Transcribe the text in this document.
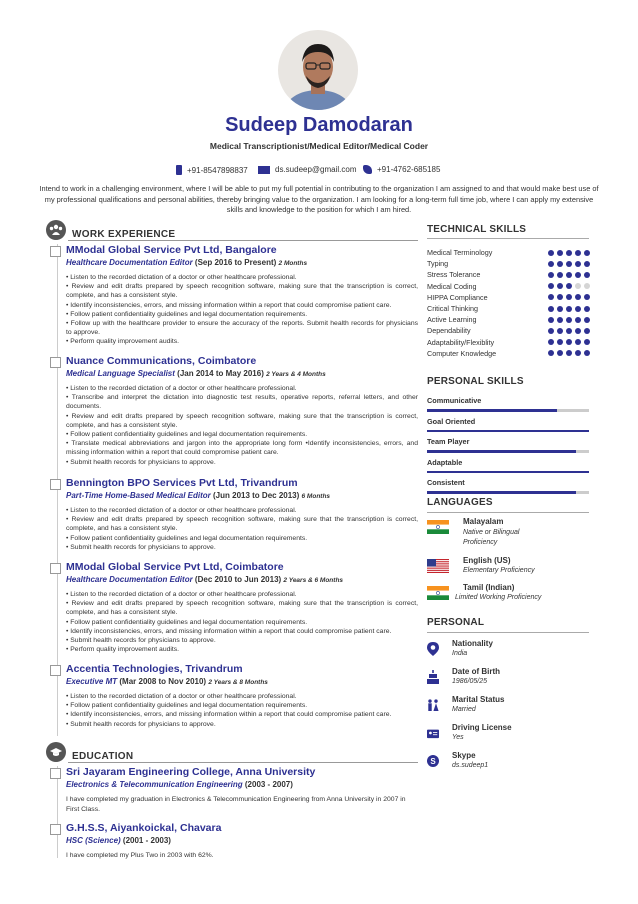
Sudeep Damodaran
Medical Transcriptionist/Medical Editor/Medical Coder
+91-8547898837	ds.sudeep@gmail.com	+91-4762-685185
Intend to work in a challenging environment, where I will be able to put my full potential in contributing to the organization I am assigned to and that would make best use of my professional qualifications and personal abilities, thereby bringing value to the organization. I am looking for a long-term full time job, where I can apply my extensive skills and knowledge to the position for which I am hired.
WORK EXPERIENCE
MModal Global Service Pvt Ltd, Bangalore
Healthcare Documentation Editor (Sep 2016 to Present) 2 Months
• Listen to the recorded dictation of a doctor or other healthcare professional.
• Review and edit drafts prepared by speech recognition software, making sure that the transcription is correct, complete, and has a consistent style.
• Identify inconsistencies, errors, and missing information within a report that could compromise patient care.
• Follow patient confidentiality guidelines and legal documentation requirements.
• Follow up with the healthcare provider to ensure the accuracy of the reports. Submit health records for physicians to approve.
• Perform quality improvement audits.
Nuance Communications, Coimbatore
Medical Language Specialist (Jan 2014 to May 2016) 2 Years & 4 Months
• Listen to the recorded dictation of a doctor or other healthcare professional.
• Transcribe and interpret the dictation into diagnostic test results, operative reports, referral letters, and other documents.
• Review and edit drafts prepared by speech recognition software, making sure that the transcription is correct, complete, and has a consistent style.
• Follow patient confidentiality guidelines and legal documentation requirements.
• Translate medical abbreviations and jargon into the appropriate long form •Identify inconsistencies, errors, and missing information within a report that could compromise patient care.
• Submit health records for physicians to approve.
Bennington BPO Services Pvt Ltd, Trivandrum
Part-Time Home-Based Medical Editor (Jun 2013 to Dec 2013) 6 Months
• Listen to the recorded dictation of a doctor or other healthcare professional.
• Review and edit drafts prepared by speech recognition software, making sure that the transcription is correct, complete, and has a consistent style.
• Follow patient confidentiality guidelines and legal documentation requirements.
• Submit health records for physicians to approve.
MModal Global Service Pvt Ltd, Coimbatore
Healthcare Documentation Editor (Dec 2010 to Jun 2013) 2 Years & 6 Months
• Listen to the recorded dictation of a doctor or other healthcare professional.
• Review and edit drafts prepared by speech recognition software, making sure that the transcription is correct, complete, and has a consistent style.
• Follow patient confidentiality guidelines and legal documentation requirements.
• Identify inconsistencies, errors, and missing information within a report that could compromise patient care.
• Submit health records for physicians to approve.
• Perform quality improvement audits.
Accentia Technologies, Trivandrum
Executive MT (Mar 2008 to Nov 2010) 2 Years & 8 Months
• Listen to the recorded dictation of a doctor or other healthcare professional.
• Follow patient confidentiality guidelines and legal documentation requirements.
• Identify inconsistencies, errors, and missing information within a report that could compromise patient care.
• Submit health records for physicians to approve.
EDUCATION
Sri Jayaram Engineering College, Anna University
Electronics & Telecommunication Engineering (2003 - 2007)
I have completed my graduation in Electronics & Telecommunication Engineering from Anna University in 2007 in First Class.
G.H.S.S, Aiyankoickal, Chavara
HSC (Science) (2001 - 2003)
I have completed my Plus Two in 2003 with 62%.
TECHNICAL SKILLS
Medical Terminology
Typing
Stress Tolerance
Medical Coding
HIPPA Compliance
Critical Thinking
Active Learning
Dependability
Adaptability/Flexiblity
Computer Knowledge
PERSONAL SKILLS
Communicative
Goal Oriented
Team Player
Adaptable
Consistent
LANGUAGES
Malayalam
Native or Bilingual Proficiency
English (US)
Elementary Proficiency
Tamil (Indian)
Limited Working Proficiency
PERSONAL
Nationality
India
Date of Birth
1986/05/25
Marital Status
Married
Driving License
Yes
S
Skype
ds.sudeep1
